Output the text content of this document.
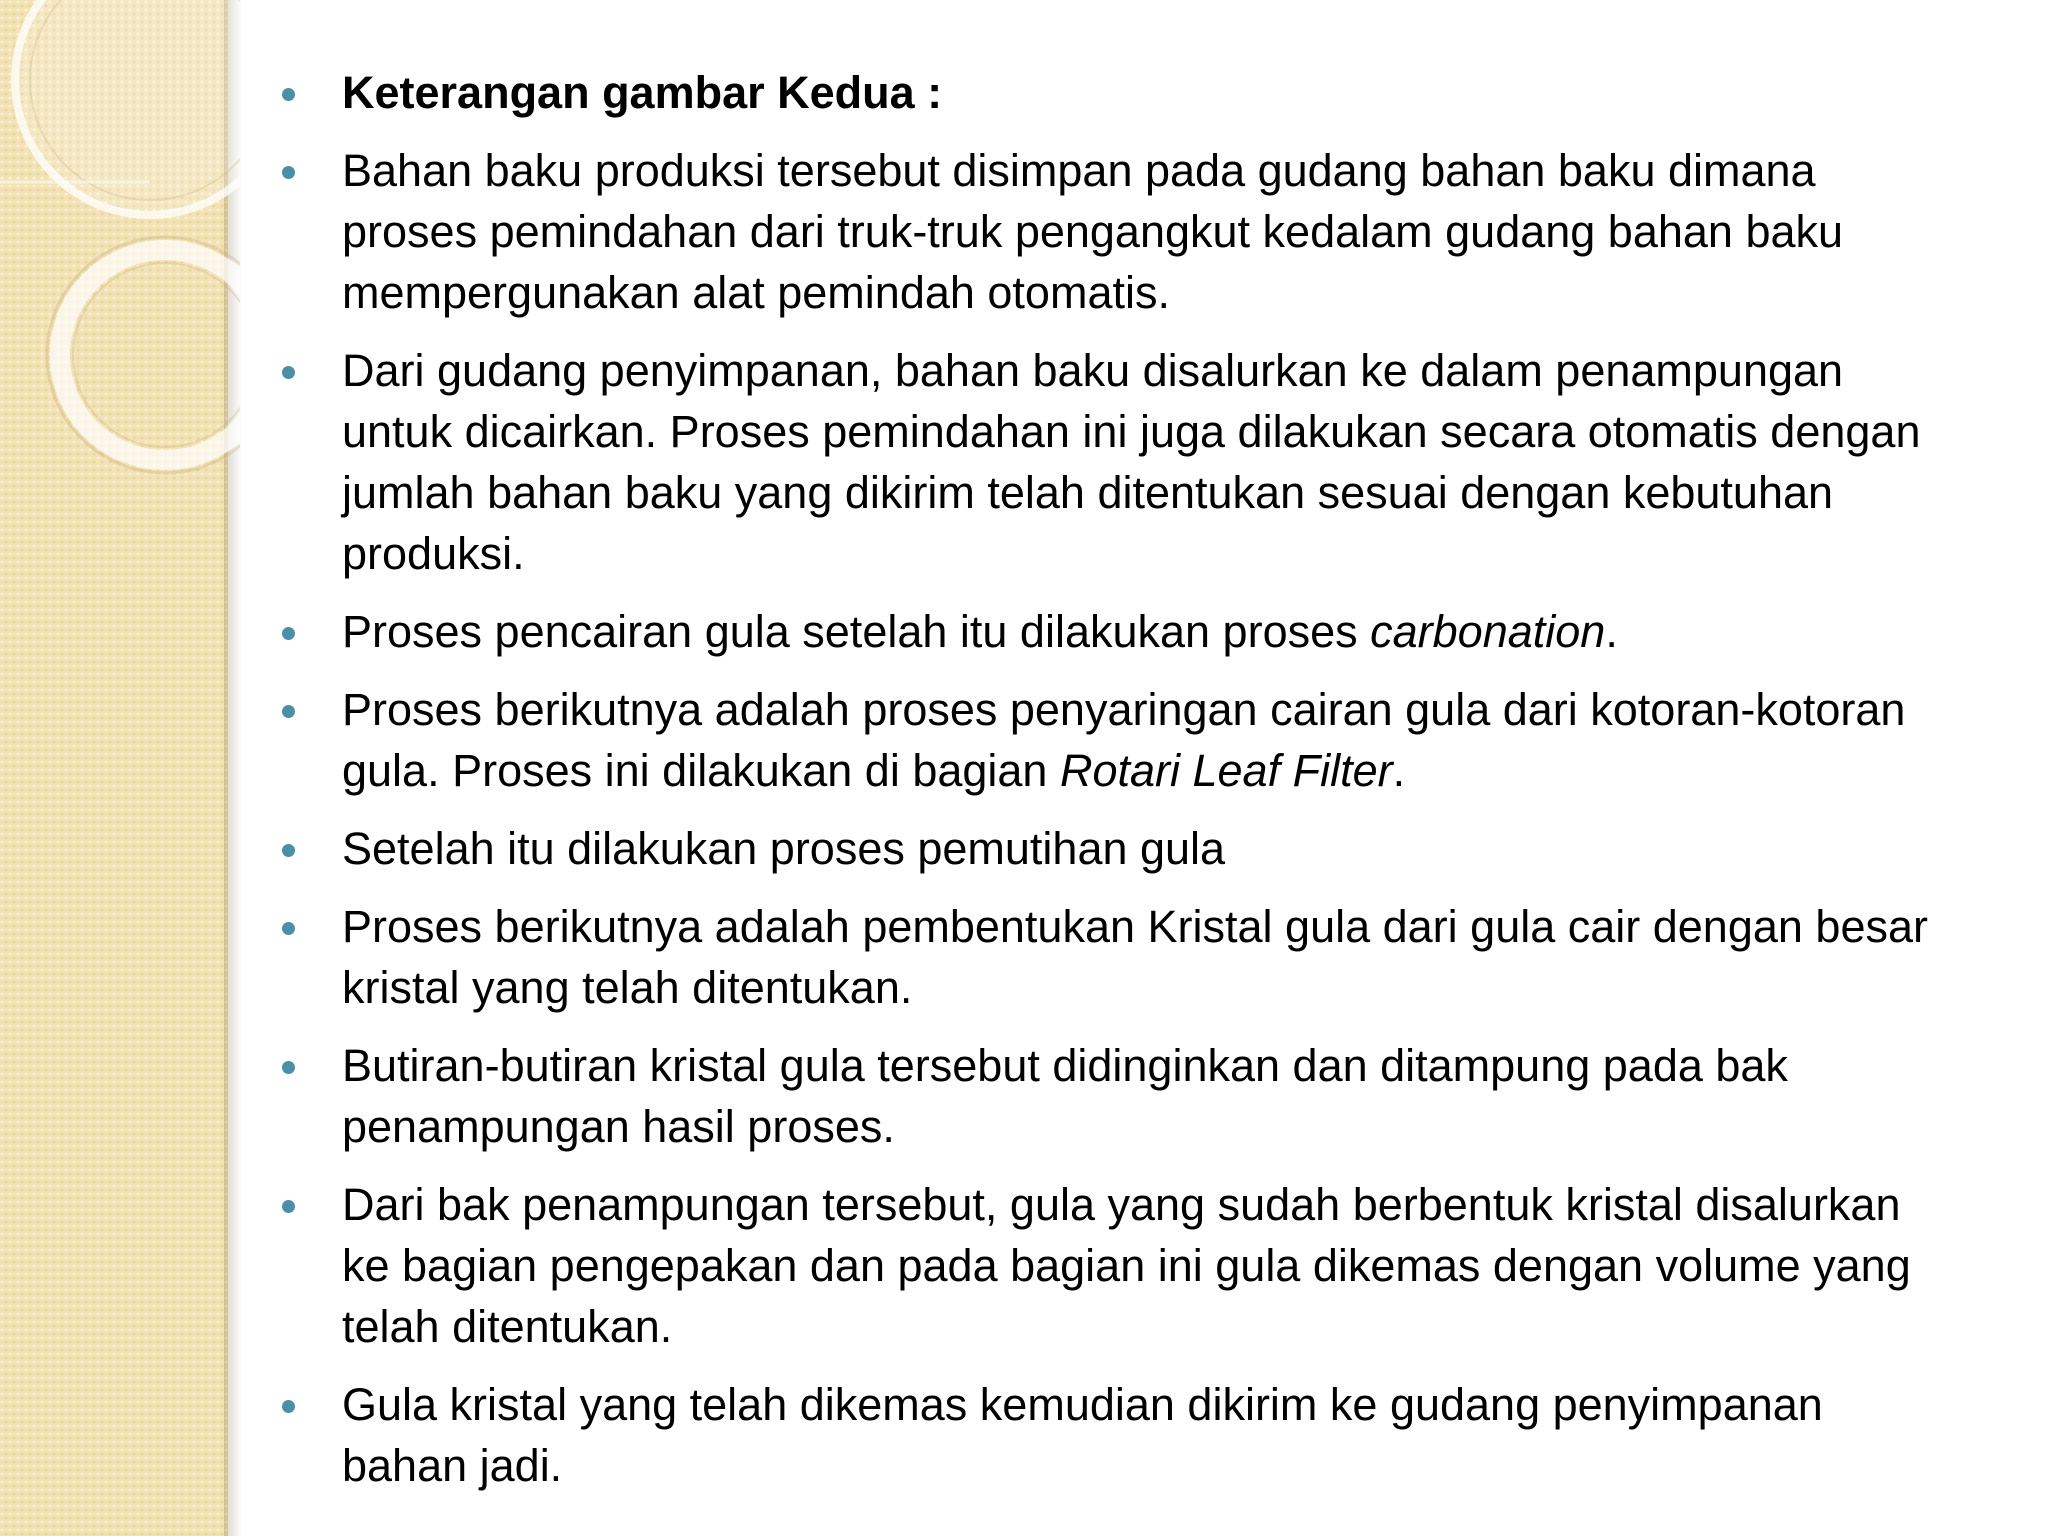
Keterangan gambar Kedua :
Bahan baku produksi tersebut disimpan pada gudang bahan baku dimana proses pemindahan dari truk-truk pengangkut kedalam gudang bahan baku mempergunakan alat pemindah otomatis.
Dari gudang penyimpanan, bahan baku disalurkan ke dalam penampungan untuk dicairkan. Proses pemindahan ini juga dilakukan secara otomatis dengan jumlah bahan baku yang dikirim telah ditentukan sesuai dengan kebutuhan produksi.
Proses pencairan gula setelah itu dilakukan proses carbonation.
Proses berikutnya adalah proses penyaringan cairan gula dari kotoran-kotoran gula. Proses ini dilakukan di bagian Rotari Leaf Filter.
Setelah itu dilakukan proses pemutihan gula
Proses berikutnya adalah pembentukan Kristal gula dari gula cair dengan besar kristal yang telah ditentukan.
Butiran-butiran kristal gula tersebut didinginkan dan ditampung pada bak penampungan hasil proses.
Dari bak penampungan tersebut, gula yang sudah berbentuk kristal disalurkan ke bagian pengepakan dan pada bagian ini gula dikemas dengan volume yang telah ditentukan.
Gula kristal yang telah dikemas kemudian dikirim ke gudang penyimpanan bahan jadi.
